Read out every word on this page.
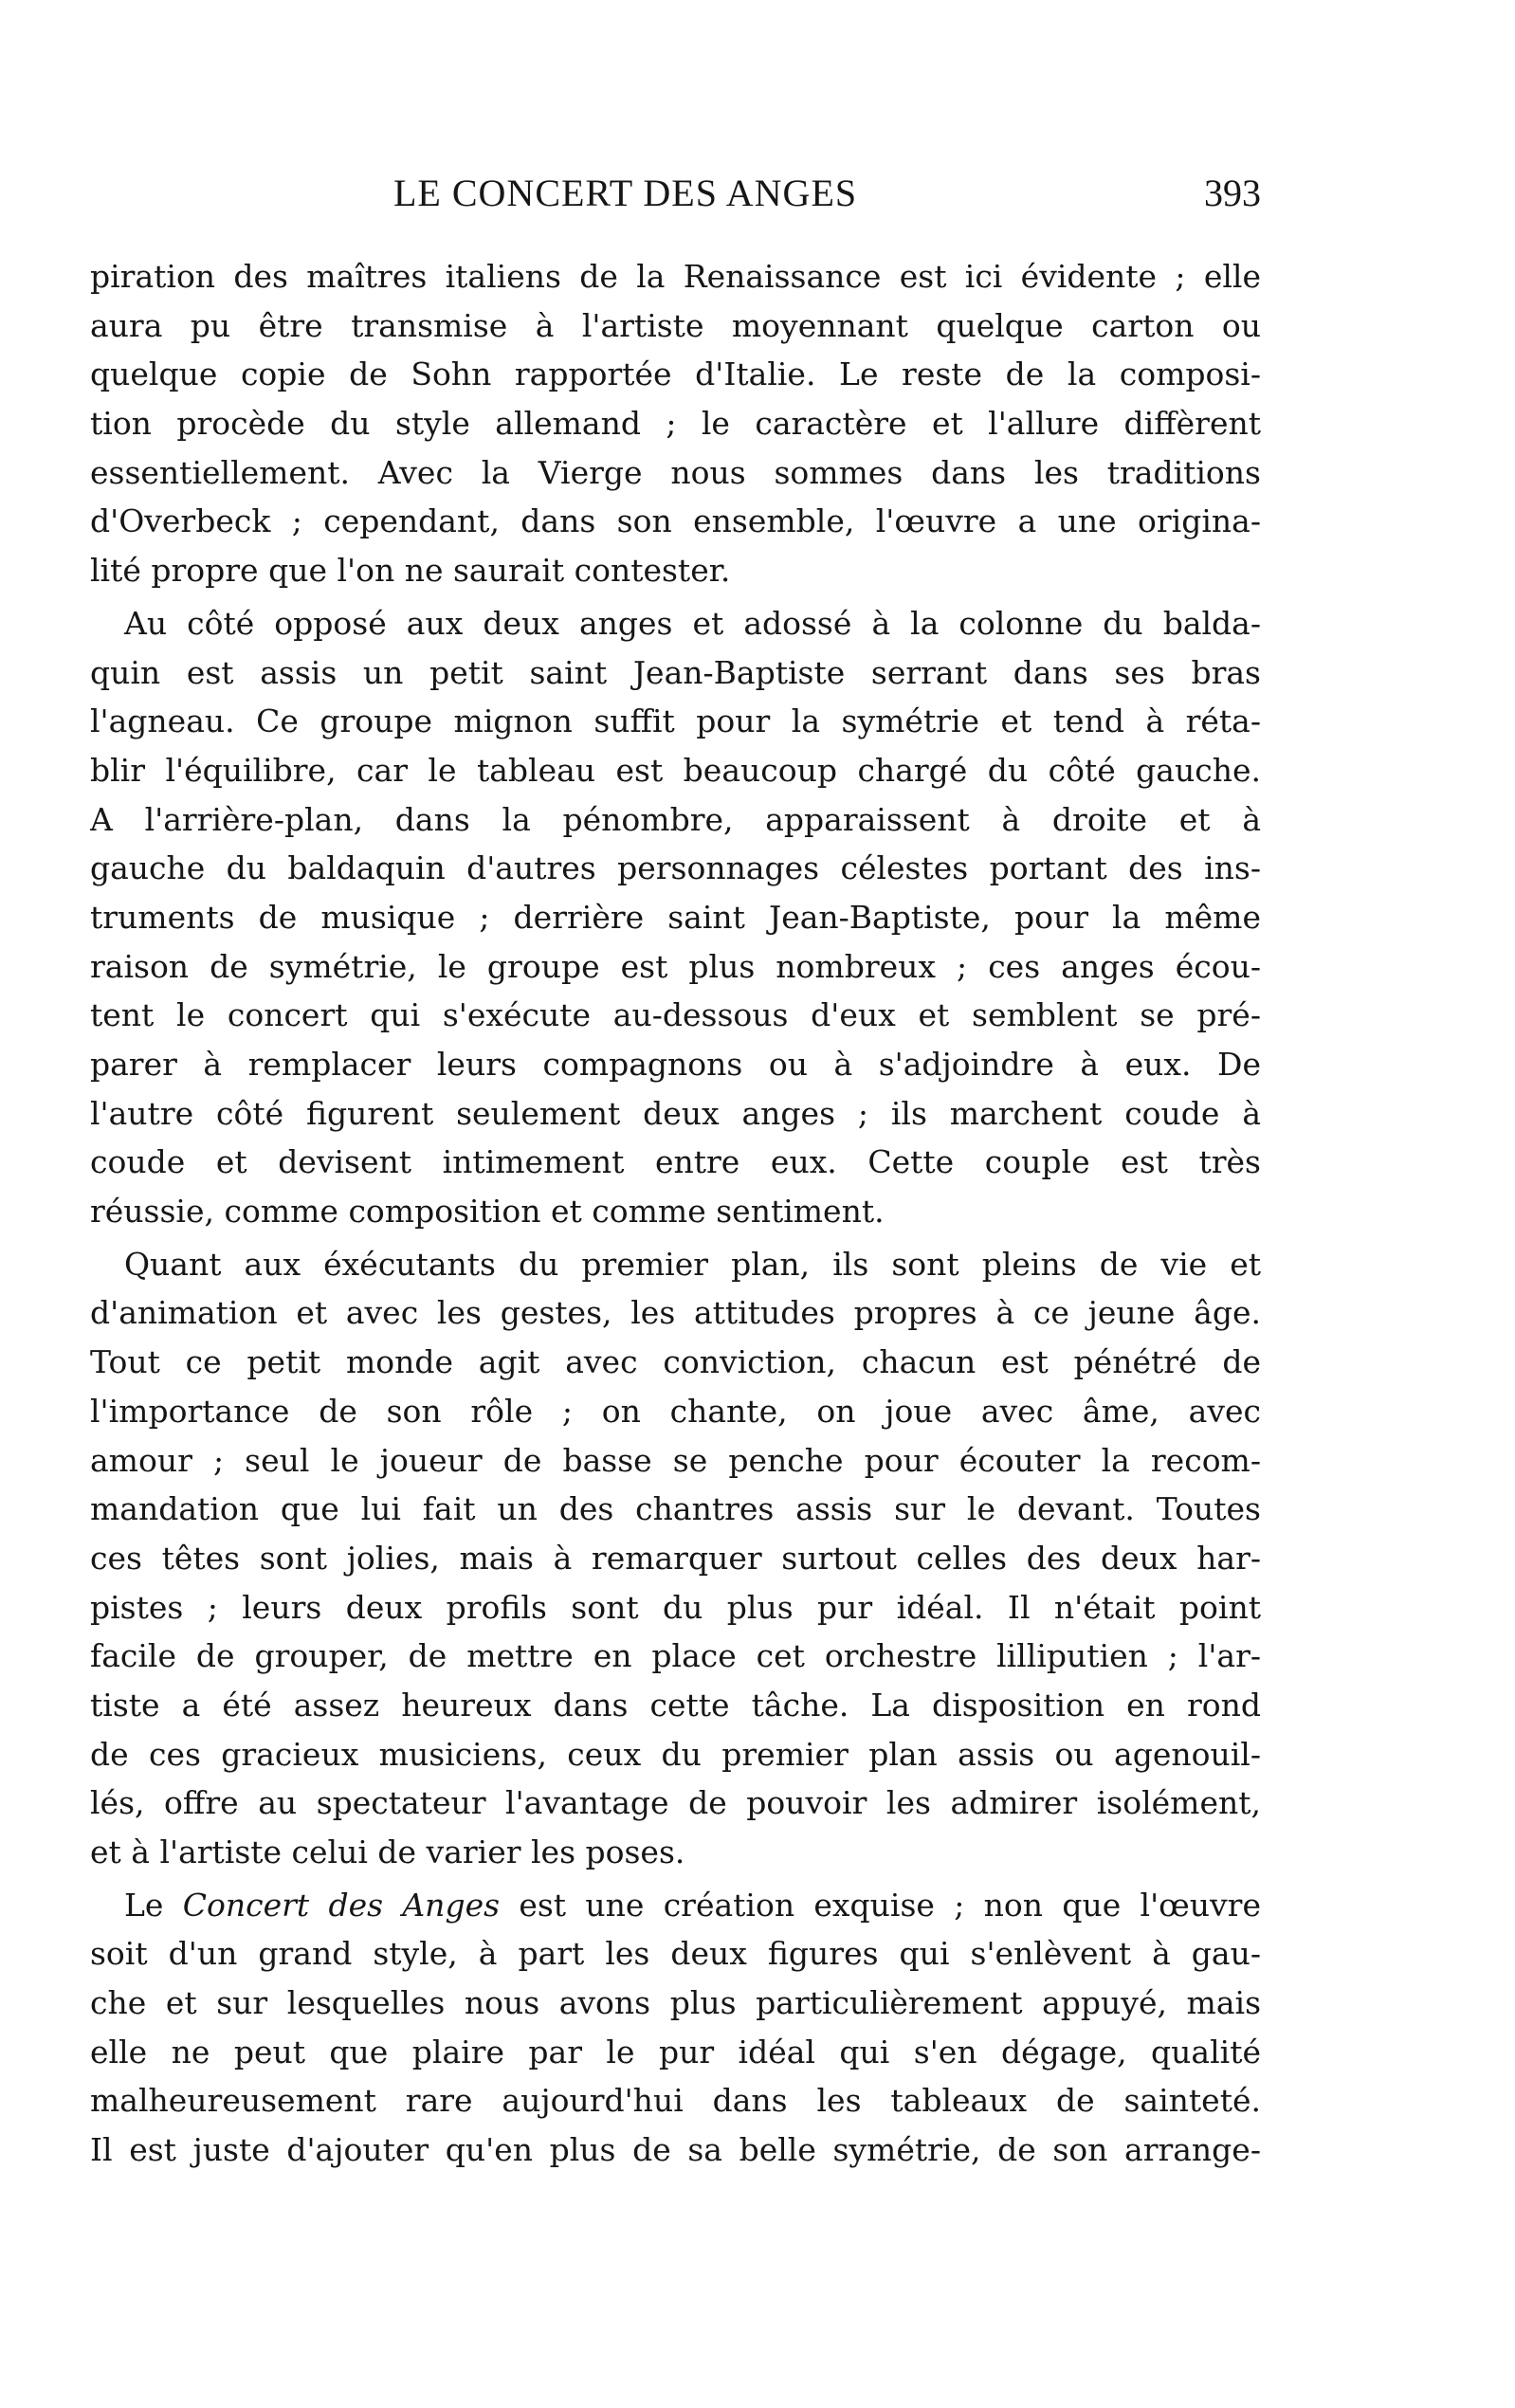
LE CONCERT DES ANGES	393

piration des maîtres italiens de la Renaissance est ici évidente ; elle
aura pu être transmise à l'artiste moyennant quelque carton ou
quelque copie de Sohn rapportée d'Italie. Le reste de la composi-
tion procède du style allemand ; le caractère et l'allure diffèrent
essentiellement. Avec la Vierge nous sommes dans les traditions
d'Overbeck ; cependant, dans son ensemble, l'œuvre a une origina-
lité propre que l'on ne saurait contester.

Au côté opposé aux deux anges et adossé à la colonne du balda-
quin est assis un petit saint Jean-Baptiste serrant dans ses bras
l'agneau. Ce groupe mignon suffit pour la symétrie et tend à réta-
blir l'équilibre, car le tableau est beaucoup chargé du côté gauche.
A l'arrière-plan, dans la pénombre, apparaissent à droite et à
gauche du baldaquin d'autres personnages célestes portant des ins-
truments de musique ; derrière saint Jean-Baptiste, pour la même
raison de symétrie, le groupe est plus nombreux ; ces anges écou-
tent le concert qui s'exécute au-dessous d'eux et semblent se pré-
parer à remplacer leurs compagnons ou à s'adjoindre à eux. De
l'autre côté figurent seulement deux anges ; ils marchent coude à
coude et devisent intimement entre eux. Cette couple est très
réussie, comme composition et comme sentiment.

Quant aux éxécutants du premier plan, ils sont pleins de vie et
d'animation et avec les gestes, les attitudes propres à ce jeune âge.
Tout ce petit monde agit avec conviction, chacun est pénétré de
l'importance de son rôle ; on chante, on joue avec âme, avec
amour ; seul le joueur de basse se penche pour écouter la recom-
mandation que lui fait un des chantres assis sur le devant. Toutes
ces têtes sont jolies, mais à remarquer surtout celles des deux har-
pistes ; leurs deux profils sont du plus pur idéal. Il n'était point
facile de grouper, de mettre en place cet orchestre lilliputien ; l'ar-
tiste a été assez heureux dans cette tâche. La disposition en rond
de ces gracieux musiciens, ceux du premier plan assis ou agenouil-
lés, offre au spectateur l'avantage de pouvoir les admirer isolément,
et à l'artiste celui de varier les poses.

Le Concert des Anges est une création exquise ; non que l'œuvre
soit d'un grand style, à part les deux figures qui s'enlèvent à gau-
che et sur lesquelles nous avons plus particulièrement appuyé, mais
elle ne peut que plaire par le pur idéal qui s'en dégage, qualité
malheureusement rare aujourd'hui dans les tableaux de sainteté.
Il est juste d'ajouter qu'en plus de sa belle symétrie, de son arrange-
